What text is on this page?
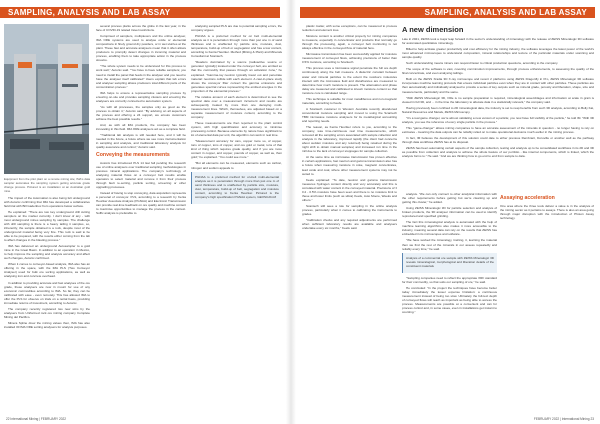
SAMPLING, ANALYSIS AND LAB ASSAY

Equipment from the pilot plant on a remote mining site; IMA's data sampler automates the sampling system getting accurate grade change process. Pictured is an installation at an Australian gold mine

The impact of the Automation is also being felt underground with Autonix confirming that IMA has developed a collaborative field trial with Bill Gadenbox from operations below surface.

He explained: "There are two key underground drill cutting samplers on the market currently. I don't know of any - with most underground mines sampling by samples. The challenge with drill sampling is there is a heavy tailing it samples, so, inherently, the sample obtained is a rock, despite most of the underground material being very fine. This rock is said to be able to be prepared, with the results either coming from the lab to affect changes in the blasting process."

IMA has delivered an underground Autosampler to a gold mine in the Great Basin. In addition to an operation in Mexico, to help improve the sampling and analysis accuracy and affect such changes, Autonix confirmed.

When it comes to conveyor-based analysis, IMA also has an offering in the space, with the IMA PLS (Two Conveyor Analyser) used for bulk ore sorting applications, as well as analysing iron and concrete overhead.

In addition to providing accurate and fast analyses of the ore grade, these analysers are now in mount for use of any economic commodities according to IMA. So far, they can be calibrated with ease - even remotely. This has allowed IMA to offer the PLS for observe on trials on a rental basis, providing immediate returns of investment, according to Autonix.

The company recently registered two new wins by the analysers from Uniformed rock ore mining company Complete Mining del Pacifico.

Minera Spline drew the mining values then, IMA has also installed 30 IMA ORE sorting analysers for analysis purposes.

several process plants across the globe in the last year, in the face of COVID-19 related travel restrictions.

Comprised of samplers, multiplexers and the online analyser, IMA ORE systems are used to analyse oxide or elemental compositions in finely ground dry powders, or in wet slurries at the plant. These fast and accurate analysers mean that it often allows producers to promptly detect changes in incoming material and process, enabling them to take appropriate action in the process streams.

"The whole system needs to be understood for this process to work well," Autonix said. "You have to have reliable samplers; you need to install the panel that feeds in the analyser and you need to have the analyser itself calibrated" Users explain that lab errors and analyser sampling allows producers total different parts of the concentration process."

IMA helps to ensure a representative sampling process by ensuring on-site and provides sampling clusters and ensuring the analysers are correctly connected to automation system.

"As with all processes, the samples only as good as the process to obtain it," Autonix said. "By advising on all aspects of the process and offering a 24 support, we ensure customers achieve the best possible results."

And, as with all IMA products, the company has been innovating in this field. IMA ORE analysers act as a complete field.

"Traditional lab analysis is still needed here, and it will be needed in the future, a future where we see more instrumentation in sampling and analysis, and traditional laboratory analysis for quality assurance and control," Autonix said.

Conveying the measurements

Autonix has introduced PLS 14 last fall pending the research use of online analysers over traditional sampling methodologies in previous mineral applications. The company's technology of analysing material flows on a conveyor belt results enable operators to select material and remove it from their process through fault re-sorting, particle sorting, screening or other upgrading processes.

Instead of having to stop conveying, data acquisition represents a personal of conveyor. PLS, according to a research by Kenta Heuriker Associate Analysis (PGNAA) and Electronic Transmission can provide real-time feedback on ore quality and machine content to maximise opportunities to manage the process in the context. Suffix analysis is preferable to

analysing sampled PLS are due to potential sampling errors, the company argues.

PGNAA is a preferred method for on belt multi-elemental analysis as it is penetration through more than just one m of sand thickness and is unaffected by particle size, moisture, dust, temperature, build-up of belt or segregation and has a low content, according to Kenta Heuriker. Method (Mining & Plant) and Minerals Consultant at Scantech.

"Readers dominated by a source (radioactive source or generator typically) located under the conveyor belt, are emitted so that the commodity that passes through an activation zone," he explained. "Gamma-ray neutron typically travel out and penetrate material: neutrons collide with each element. A cast-in-place study shows the conveyor filter convert the gamma emissions and generates spectral curves representing the emitted energies in the proportion of the elemental process."

The relative amount of each element is determined to see the spectral data over a measurement increment and results are subsequently treated by more than one decaying multi-measurement lines. Which, themselves, are adjusted based on a separate measurement of moisture content, according to the company.

These measurements are then reported to the plant control system, with high quantification and accuracy to minimise processing control. Because elements by nature have significant to lot of elemental data per unit, the algorithm can work in real time.

"Measurement accuracy for cars, copper more so, of copper, tons of copper, tons of copper, and ore gold or metal, tons of that kind of thing which requires grade quality, and if you are more content in copper, and copper, pounds of copper, as well as, then gold," he explained. "You could see more."

"But all elements can be measured, elements such as carbon, nitrogen and sodium appeals to

PGNAA is a preferred method for on-belt multi-elemental analysis as it is penetration through more than just one m of sand thickness and is unaffected by particle size, moisture, dust, temperature, build-up of belt, segregation and moisture content, according to Kenta Heuriker. Pictured is the company's high specification PGNAA system, GEOSCAN-M

22 International Mining | FEBRUARY 2022
SAMPLING, ANALYSIS AND LAB ASSAY

plastic matter, with some exceptions, can be measured to process reduction and element loss.

Moisture content is another critical property for mining companies to measure, especially in concentrator and products that normally go through the processing, again, a conveyor belt monitoring is not always effective in the conveyed flow of material here.

Microwave transmission has been successfully applied for moisture measurement of conveyed flows, achieving precisions of better than 0.5% moisture, according to Scantech.

This process uses a microwave signal penetrate the full ore depth continuously along the belt measure. A dielectric constant between water and mineral particles to the extent the residue's molecules interact with the microwave field and disturbances are measured to determine how much moisture is present. The attenuation and phase delay are measured and calibrated to known moisture content so that moisture core is calculated range.

This technique is suitable for most metalliferous and non-magnetic materials, according to Keefe.

A Scantech customer in Western Australia recently abandoned conventional moisture sampling and moved to using the Scantech TBM microwave moisture analysers for its metallurgical accounting and reporting needs.

The reason, as Kenta Heuriker refers to you, according to the company, was time-continuous real time measurements, which removed all the sampling errors associated with sample collection and analysis in the laboratory, improved rapidly (the client had concerns about sudden moisture and any returned) being retained during the night shift to obtain manual samples) and increased run time in the mill due to the lack of conveyor stoppages for sample collection.

At the same time as microwave transmission has proven effective in certain applications, fast neutron and gamma transmission also has a future when measuring moisture in coke, magnetic concentrates, lead oxide and coal, where other measurement systems may not be suited to.

Keefe explained: "To date, neutron and gamma transmission measures hydrogen content directly and very accurately and this is correlated with water content in the conveyed material. Precisions of ± 0.2 - 0.5% moisture have been seen and there is no moisture limit to these and lower limits (such as silica) Keefe, Auto Moore, Weeks and others."

Scantech still sees a role for sampling in the online analysis process, particularly when it comes to calibrating the instruments to grades.

"Calibration checks and any required adjustments are performed when sufficient laboratory results are available and analysers undertake every six months," Keefe said.

A new dimension

Late in 2021, ZEISS took a major leap forward in the sector's understanding of mineralogy with the release of ZEISS Mineralogic 3D software for automated quantitative mineralogy.

Billed to help activate greater productivity and cost efficiency for the mining industry, the software leverages the latest power of the world's most advanced microscopes to understand composition, mineral relationships and texture of the particular materials under scanning and sample quality.

Such understanding means miners can respond faster to critical production questions, according to the company.

The scope of the software is vast, covering comminution improvements, through process enhancements, to assessing the quality of the final concentrate, and even analysing tailings.

Built on the ZEISS Xradia 3D X-ray microscope and recent 2 platforms using ZEISS Dragonfly in Pro, ZEISS Mineralogic 3D software incorporates machine learning protocols that ensure individual particles even when they are in contact with other particles. These particles are then automatically and individually analysed to provide a series of key outputs such as mineral grade, porosity and liberation, shape, size and measurements, particularly and the same.

"With ZEISS Mineralogic 3D, ORe is no sample preparation is required, mineralogical assemblages and information at scale in grain is viewed in full 3D, and ... in the time the laboratory to allocate data in a statistically relevant," the company said.

Having previously been confined to 2D mineralogical data, the industry is set to reap benefits from such 3D analysis, according to Bolly Kat, Natural Resources and Metals, ZEISS Microscopy.

"It's a real game changer, we're almost validating a new version of a particle; you now have full visibility of the particle," he told IM. "With 3D analysis, you see the reference of every single particle in the process."

This "game-changer" allows mining companies to have an accurate assessment of the minerals in question - no longer having to rely on estimates - meaning the data outputs can be reliably relied on to make operational decisions much earlier in the mining process.

In fact, IM believes the development of this solution could date to either previous Rembrant, Doroville or another well as the pathway through data workflows ZEISS has at its disposal.

ZEISS has been automating certain aspects of the sample collection, testing and analysis up to be consolidated workflows in its 2D and 3D as possible from collection and analysis to achieve the whole feature of our portfolio - like internal components, which is linked, which the analysis forms to." He said. "And we are thinking how to go end to end from sample to data.

analysis. "We can only connect to other analytical information with the other requirements before getting but we're cleaning up and getting this cluster," he added.

Using ZEISS Mineralogic 3D for particle selection and analysis of broken products, the 3D analyser information can be used to identify reproduced and specified grinding.

The fact this mineralogical analysis is automated with the help of machine learning algorithms also makes it more accessible to the industry, meaning several data can rely on the results that ZEISS has embedded in its microscopes and software.

"We have worked the mineralogy, training, it, learning the material then we find the rest of the minerals in our assess repeatedly and reliably every time," he said.

Analysis of a commercial ore sample with ZEISS Mineralogic 3D reveals mineralogical, morphological and liberation details of the constituent materials

"Sampling companies need to reflect the appropriate XRF standard for their commodity, so that suits our sampling of ore," he said.

He concluded: "In the project the techniques have become better today immediately the lesser expense limitation: a continuous measurement instead of being too slow. Ultimately the full-text depth of conveyed flows will reach as important as being able to access the process. Measurements are possible at a convenient and can for process control and, in some cases, even in installations get instant to counting."

Assaying acceleration

One area where the three tools deliver a value is in the analysis of the mining sector as it pertains to assays. There is also an area going through major disruption with the introduction of Photon Assay technology.

FEBRUARY 2022 | International Mining 23
